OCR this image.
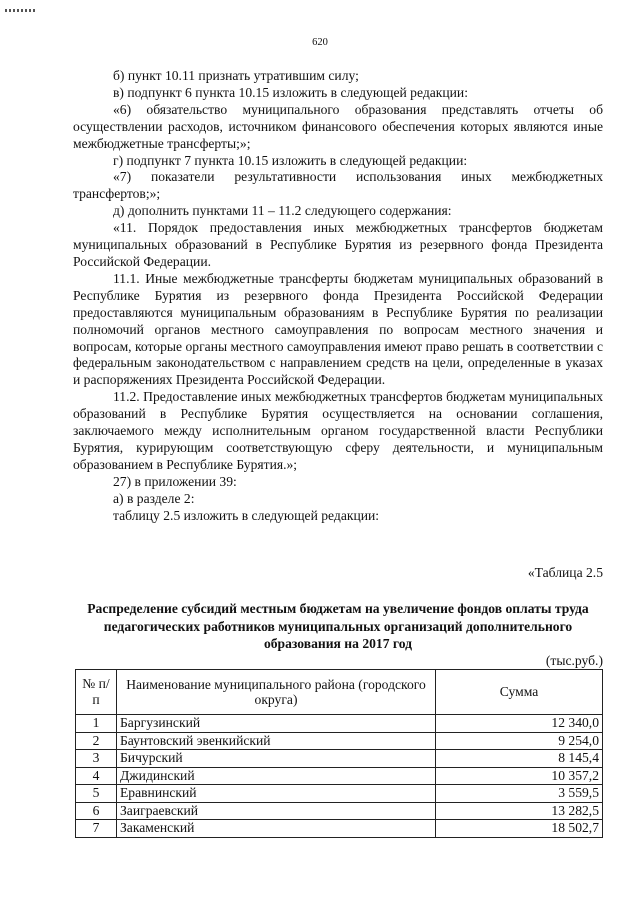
620

б) пункт 10.11 признать утратившим силу;

в) подпункт 6 пункта 10.15 изложить в следующей редакции:

«6) обязательство муниципального образования представлять отчеты об осуществлении расходов, источником финансового обеспечения которых являются иные межбюджетные трансферты;»;

г) подпункт 7 пункта 10.15 изложить в следующей редакции:

«7) показатели результативности использования иных межбюджетных трансфертов;»;

д) дополнить пунктами 11 – 11.2 следующего содержания:

«11. Порядок предоставления иных межбюджетных трансфертов бюджетам муниципальных образований в Республике Бурятия из резервного фонда Президента Российской Федерации.

11.1. Иные межбюджетные трансферты бюджетам муниципальных образований в Республике Бурятия из резервного фонда Президента Российской Федерации предоставляются муниципальным образованиям в Республике Бурятия по реализации полномочий органов местного самоуправления по вопросам местного значения и вопросам, которые органы местного самоуправления имеют право решать в соответствии с федеральным законодательством с направлением средств на цели, определенные в указах и распоряжениях Президента Российской Федерации.

11.2. Предоставление иных межбюджетных трансфертов бюджетам муниципальных образований в Республике Бурятия осуществляется на основании соглашения, заключаемого между исполнительным органом государственной власти Республики Бурятия, курирующим соответствующую сферу деятельности, и муниципальным образованием в Республике Бурятия.»;

27) в приложении 39:

а) в разделе 2:

таблицу 2.5 изложить в следующей редакции:

«Таблица 2.5
Распределение субсидий местным бюджетам на увеличение фондов оплаты труда педагогических работников муниципальных организаций дополнительного образования на 2017 год
(тыс.руб.)
№ п/п	Наименование муниципального района (городского округа)	Сумма
1	Баргузинский	12 340,0
2	Баунтовский эвенкийский	9 254,0
3	Бичурский	8 145,4
4	Джидинский	10 357,2
5	Еравнинский	3 559,5
6	Заиграевский	13 282,5
7	Закаменский	18 502,7
